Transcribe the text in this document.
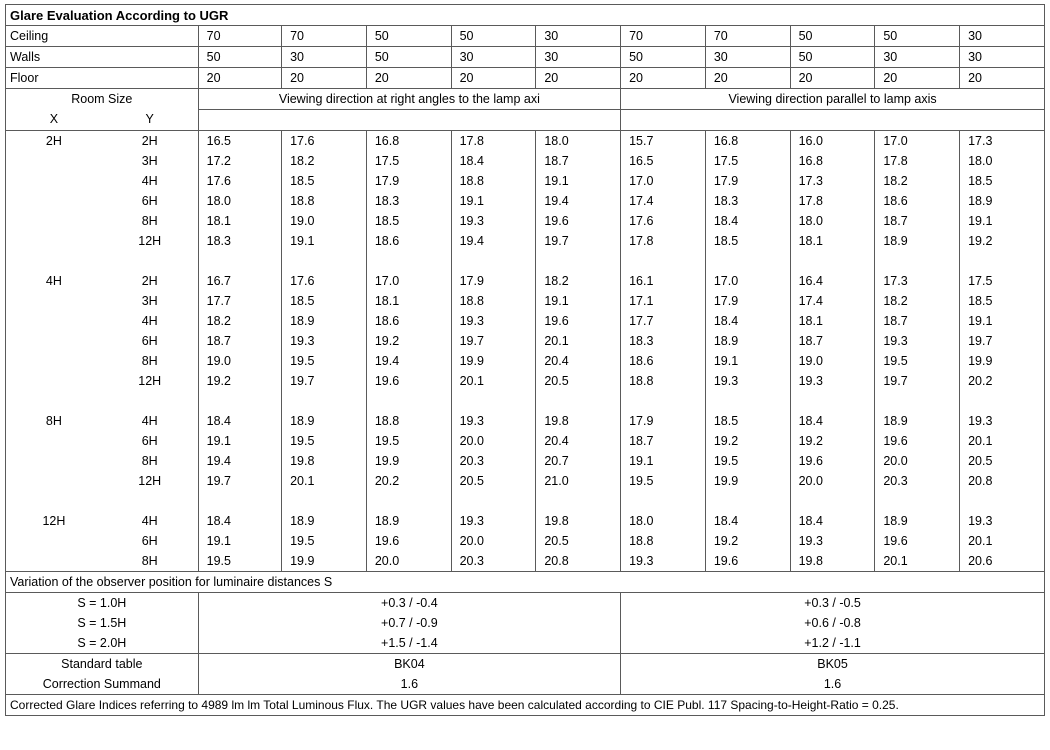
Glare Evaluation According to UGR											
Ceiling		70	70	50	50	30	70	70	50	50	30
Walls		50	30	50	30	30	50	30	50	30	30
Floor		20	20	20	20	20	20	20	20	20	20
Room Size		Viewing direction at right angles to the lamp axi					Viewing direction parallel to lamp axis				
X	Y										
2H	2H	16.5	17.6	16.8	17.8	18.0	15.7	16.8	16.0	17.0	17.3
	3H	17.2	18.2	17.5	18.4	18.7	16.5	17.5	16.8	17.8	18.0
	4H	17.6	18.5	17.9	18.8	19.1	17.0	17.9	17.3	18.2	18.5
	6H	18.0	18.8	18.3	19.1	19.4	17.4	18.3	17.8	18.6	18.9
	8H	18.1	19.0	18.5	19.3	19.6	17.6	18.4	18.0	18.7	19.1
	12H	18.3	19.1	18.6	19.4	19.7	17.8	18.5	18.1	18.9	19.2

4H	2H	16.7	17.6	17.0	17.9	18.2	16.1	17.0	16.4	17.3	17.5
	3H	17.7	18.5	18.1	18.8	19.1	17.1	17.9	17.4	18.2	18.5
	4H	18.2	18.9	18.6	19.3	19.6	17.7	18.4	18.1	18.7	19.1
	6H	18.7	19.3	19.2	19.7	20.1	18.3	18.9	18.7	19.3	19.7
	8H	19.0	19.5	19.4	19.9	20.4	18.6	19.1	19.0	19.5	19.9
	12H	19.2	19.7	19.6	20.1	20.5	18.8	19.3	19.3	19.7	20.2

8H	4H	18.4	18.9	18.8	19.3	19.8	17.9	18.5	18.4	18.9	19.3
	6H	19.1	19.5	19.5	20.0	20.4	18.7	19.2	19.2	19.6	20.1
	8H	19.4	19.8	19.9	20.3	20.7	19.1	19.5	19.6	20.0	20.5
	12H	19.7	20.1	20.2	20.5	21.0	19.5	19.9	20.0	20.3	20.8

12H	4H	18.4	18.9	18.9	19.3	19.8	18.0	18.4	18.4	18.9	19.3
	6H	19.1	19.5	19.6	20.0	20.5	18.8	19.2	19.3	19.6	20.1
	8H	19.5	19.9	20.0	20.3	20.8	19.3	19.6	19.8	20.1	20.6
Variation of the observer position for luminaire distances S											
S = 1.0H		+0.3 / -0.4					+0.3 / -0.5				
S = 1.5H		+0.7 / -0.9					+0.6 / -0.8				
S = 2.0H		+1.5 / -1.4					+1.2 / -1.1				
Standard table		BK04					BK05				
Correction Summand		1.6					1.6				
Corrected Glare Indices referring to 4989 lm lm Total Luminous Flux. The UGR values have been calculated according to CIE Publ. 117 Spacing-to-Height-Ratio = 0.25.											
